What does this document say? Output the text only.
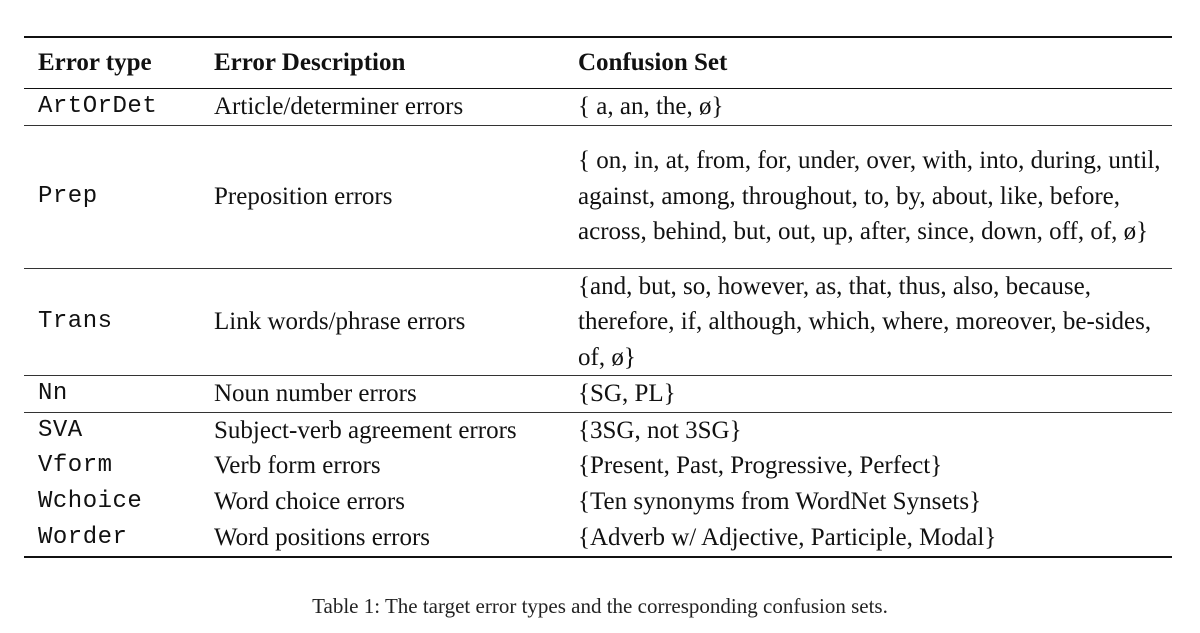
Error type	Error Description	Confusion Set
ArtOrDet	Article/determiner errors	{ a, an, the, ø}
Prep	Preposition errors	{ on, in, at, from, for, under, over, with, into, during, until, against, among, throughout, to, by, about, like, before, across, behind, but, out, up, after, since, down, off, of, ø}
Trans	Link words/phrase errors	{and, but, so, however, as, that, thus, also, because, therefore, if, although, which, where, moreover, be-sides, of, ø}
Nn	Noun number errors	{SG, PL}
SVA	Subject-verb agreement errors	{3SG, not 3SG}
Vform	Verb form errors	{Present, Past, Progressive, Perfect}
Wchoice	Word choice errors	{Ten synonyms from WordNet Synsets}
Worder	Word positions errors	{Adverb w/ Adjective, Participle, Modal}
Table 1: The target error types and the corresponding confusion sets.
